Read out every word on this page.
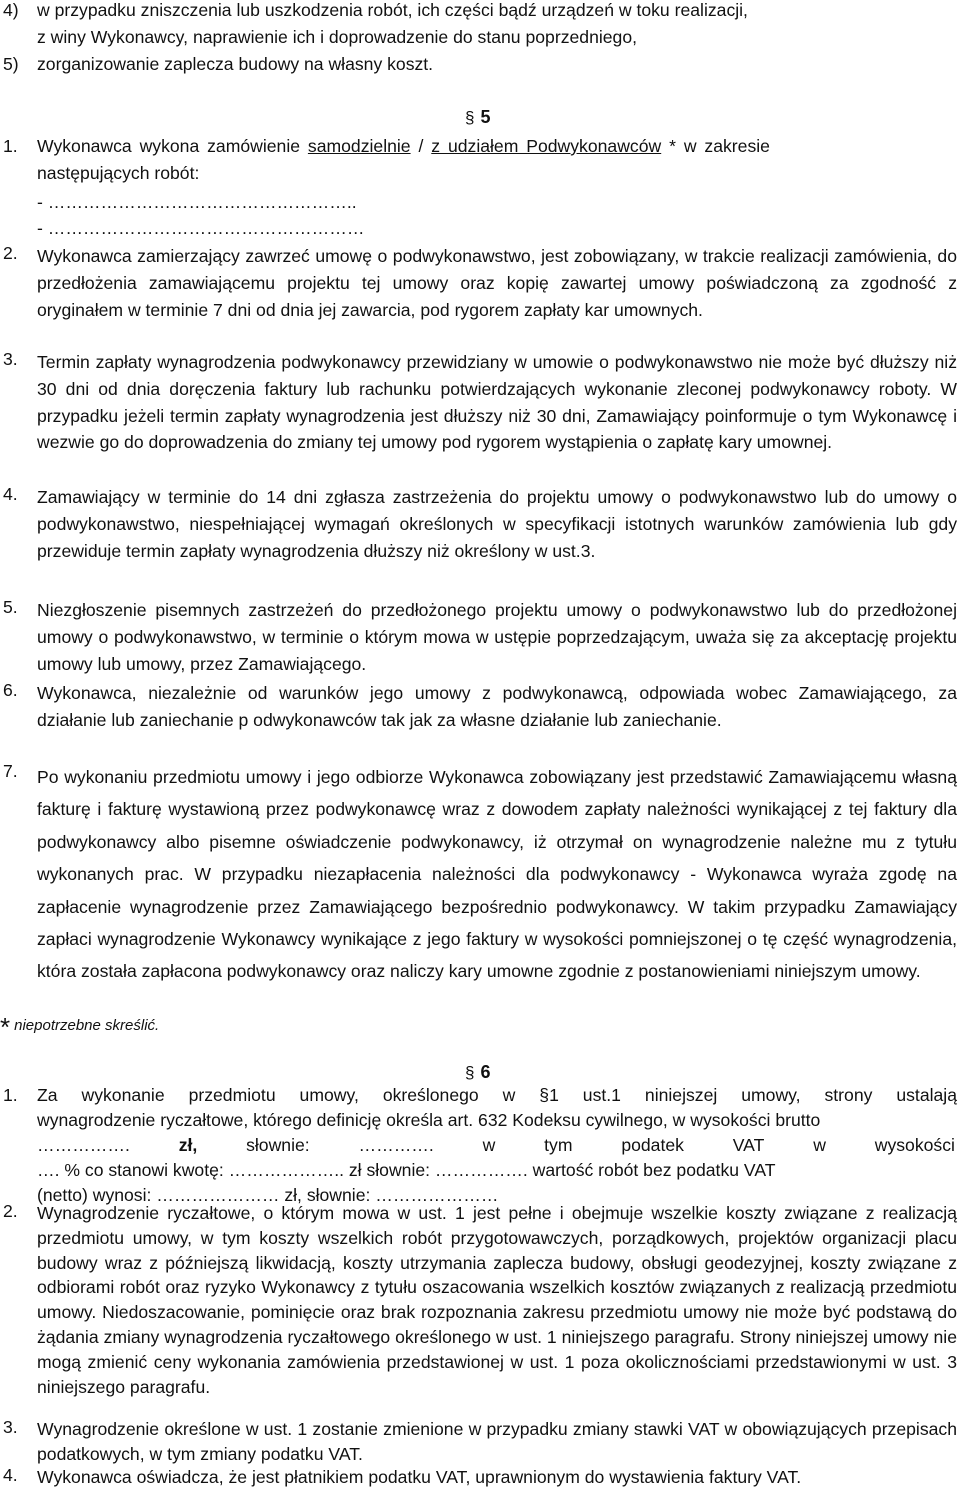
4) w przypadku zniszczenia lub uszkodzenia robót, ich części bądź urządzeń w toku realizacji,
z winy Wykonawcy, naprawienie ich i doprowadzenie do stanu poprzedniego,
5) zorganizowanie zaplecza budowy na własny koszt.
§ 5
1. Wykonawca wykona zamówienie samodzielnie / z udziałem Podwykonawców * w zakresie
następujących robót:
- ……………………………………………..
- ………………………………………………
2. Wykonawca zamierzający zawrzeć umowę o podwykonawstwo, jest zobowiązany, w trakcie realizacji zamówienia, do przedłożenia zamawiającemu projektu tej umowy oraz kopię zawartej umowy poświadczoną za zgodność z oryginałem w terminie 7 dni od dnia jej zawarcia, pod rygorem zapłaty kar umownych.
3. Termin zapłaty wynagrodzenia podwykonawcy przewidziany w umowie o podwykonawstwo nie może być dłuższy niż 30 dni od dnia doręczenia faktury lub rachunku potwierdzających wykonanie zleconej podwykonawcy roboty. W przypadku jeżeli termin zapłaty wynagrodzenia jest dłuższy niż 30 dni, Zamawiający poinformuje o tym Wykonawcę i wezwie go do doprowadzenia do zmiany tej umowy pod rygorem wystąpienia o zapłatę kary umownej.
4. Zamawiający w terminie do 14 dni zgłasza zastrzeżenia do projektu umowy o podwykonawstwo lub do umowy o podwykonawstwo, niespełniającej wymagań określonych w specyfikacji istotnych warunków zamówienia lub gdy przewiduje termin zapłaty wynagrodzenia dłuższy niż określony w ust.3.
5. Niezgłoszenie pisemnych zastrzeżeń do przedłożonego projektu umowy o podwykonawstwo lub do przedłożonej umowy o podwykonawstwo, w terminie o którym mowa w ustępie poprzedzającym, uważa się za akceptację projektu umowy lub umowy, przez Zamawiającego.
6. Wykonawca, niezależnie od warunków jego umowy z podwykonawcą, odpowiada wobec Zamawiającego, za działanie lub zaniechanie p odwykonawców tak jak za własne działanie lub zaniechanie.
7. Po wykonaniu przedmiotu umowy i jego odbiorze Wykonawca zobowiązany jest przedstawić Zamawiającemu własną fakturę i fakturę wystawioną przez podwykonawcę wraz z dowodem zapłaty należności wynikającej z tej faktury dla podwykonawcy albo pisemne oświadczenie podwykonawcy, iż otrzymał on wynagrodzenie należne mu z tytułu wykonanych prac. W przypadku niezapłacenia należności dla podwykonawcy - Wykonawca wyraża zgodę na zapłacenie wynagrodzenie przez Zamawiającego bezpośrednio podwykonawcy. W takim przypadku Zamawiający zapłaci wynagrodzenie Wykonawcy wynikające z jego faktury w wysokości pomniejszonej o tę część wynagrodzenia, która została zapłacona podwykonawcy oraz naliczy kary umowne zgodnie z postanowieniami niniejszym umowy.
* niepotrzebne skreślić.
§ 6
1. Za wykonanie przedmiotu umowy, określonego w §1 ust.1 niniejszej umowy, strony ustalają
wynagrodzenie ryczałtowe, którego definicję określa art. 632 Kodeksu cywilnego, w wysokości brutto
…………….	zł,	słownie:	………….	w	tym	podatek	VAT	w	wysokości
…. % co stanowi kwotę: ……………….. zł słownie: ……………. wartość robót bez podatku VAT
(netto) wynosi: ………………… zł, słownie: …………………
2. Wynagrodzenie ryczałtowe, o którym mowa w ust. 1 jest pełne i obejmuje wszelkie koszty związane z realizacją przedmiotu umowy, w tym koszty wszelkich robót przygotowawczych, porządkowych, projektów organizacji placu budowy wraz z późniejszą likwidacją, koszty utrzymania zaplecza budowy, obsługi geodezyjnej, koszty związane z odbiorami robót oraz ryzyko Wykonawcy z tytułu oszacowania wszelkich kosztów związanych z realizacją przedmiotu umowy. Niedoszacowanie, pominięcie oraz brak rozpoznania zakresu przedmiotu umowy nie może być podstawą do żądania zmiany wynagrodzenia ryczałtowego określonego w ust. 1 niniejszego paragrafu. Strony niniejszej umowy nie mogą zmienić ceny wykonania zamówienia przedstawionej w ust. 1 poza okolicznościami przedstawionymi w ust. 3 niniejszego paragrafu.
3. Wynagrodzenie określone w ust. 1 zostanie zmienione w przypadku zmiany stawki VAT w obowiązujących przepisach podatkowych, w tym zmiany podatku VAT.
4. Wykonawca oświadcza, że jest płatnikiem podatku VAT, uprawnionym do wystawienia faktury VAT.
